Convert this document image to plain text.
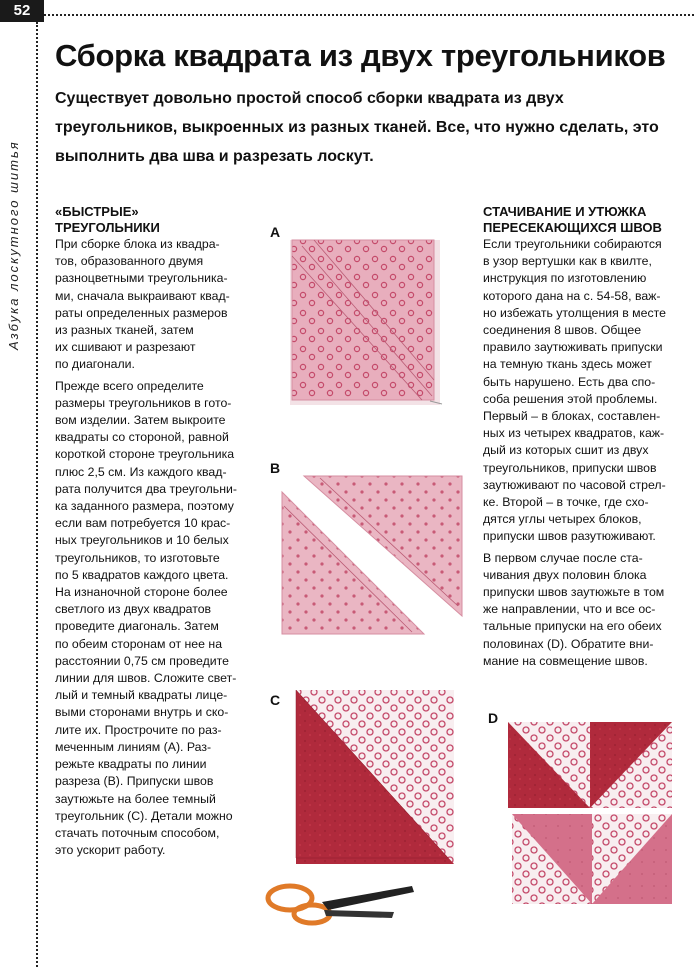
52
Азбука лоскутного шитья
Сборка квадрата из двух треугольников

Существует довольно простой способ сборки квадрата из двух треугольников, выкроенных из разных тканей. Все, что нужно сделать, это выполнить два шва и разрезать лоскут.

«БЫСТРЫЕ»
ТРЕУГОЛЬНИКИ

При сборке блока из квадра-
тов, образованного двумя
разноцветными треугольника-
ми, сначала выкраивают квад-
раты определенных размеров
из разных тканей, затем
их сшивают и разрезают
по диагонали.

Прежде всего определите
размеры треугольников в гото-
вом изделии. Затем выкроите
квадраты со стороной, равной
короткой стороне треугольника
плюс 2,5 см. Из каждого квад-
рата получится два треугольни-
ка заданного размера, поэтому
если вам потребуется 10 крас-
ных треугольников и 10 белых
треугольников, то изготовьте
по 5 квадратов каждого цвета.
На изнаночной стороне более
светлого из двух квадратов
проведите диагональ. Затем
по обеим сторонам от нее на
расстоянии 0,75 см проведите
линии для швов. Сложите свет-
лый и темный квадраты лице-
выми сторонами внутрь и ско-
лите их. Прострочите по раз-
меченным линиям (A). Раз-
режьте квадраты по линии
разреза (B). Припуски швов
заутюжьте на более темный
треугольник (C). Детали можно
стачать поточным способом,
это ускорит работу.

СТАЧИВАНИЕ И УТЮЖКА
ПЕРЕСЕКАЮЩИХСЯ ШВОВ

Если треугольники собираются
в узор вертушки как в квилте,
инструкция по изготовлению
которого дана на с. 54-58, важ-
но избежать утолщения в месте
соединения 8 швов. Общее
правило заутюживать припуски
на темную ткань здесь может
быть нарушено. Есть два спо-
соба решения этой проблемы.
Первый – в блоках, составлен-
ных из четырех квадратов, каж-
дый из которых сшит из двух
треугольников, припуски швов
заутюживают по часовой стрел-
ке. Второй – в точке, где схо-
дятся углы четырех блоков,
припуски швов разутюживают.

В первом случае после ста-
чивания двух половин блока
припуски швов заутюжьте в том
же направлении, что и все ос-
тальные припуски на его обеих
половинах (D). Обратите вни-
мание на совмещение швов.

A
B
C
D
